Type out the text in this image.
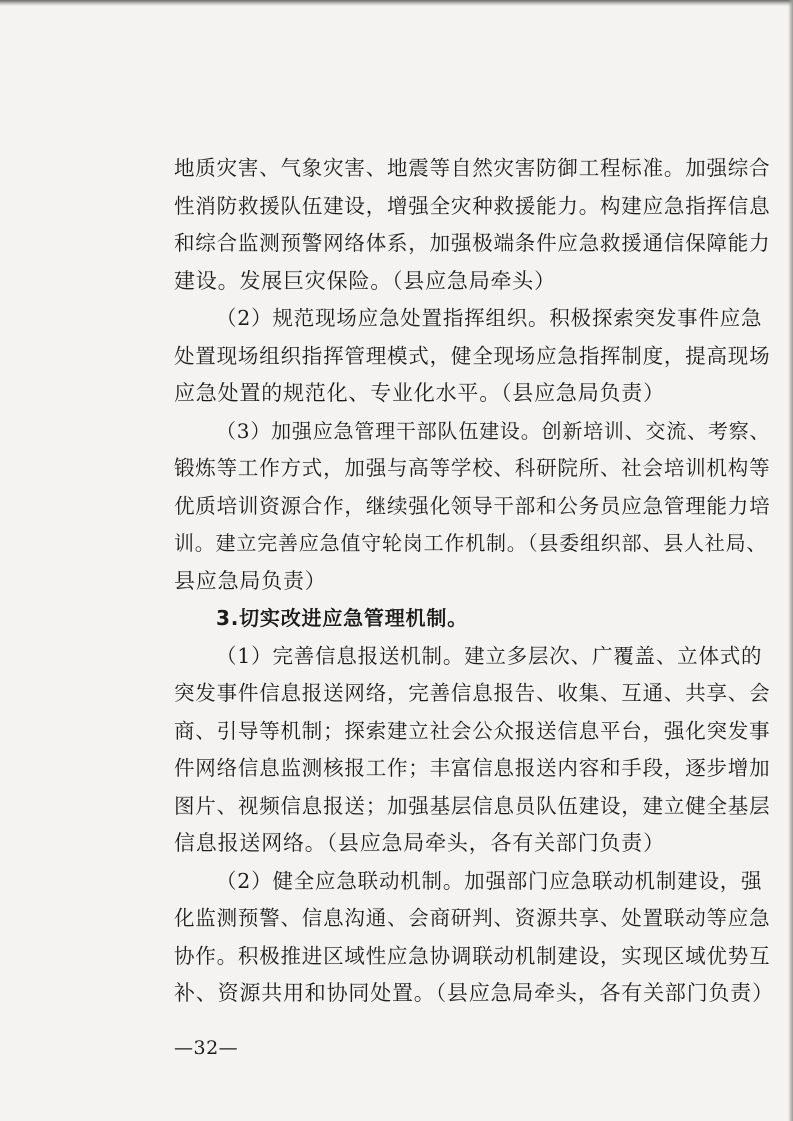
地质灾害、气象灾害、地震等自然灾害防御工程标准。加强综合
性消防救援队伍建设，增强全灾种救援能力。构建应急指挥信息
和综合监测预警网络体系，加强极端条件应急救援通信保障能力
建设。发展巨灾保险。（县应急局牵头）
（2）规范现场应急处置指挥组织。积极探索突发事件应急
处置现场组织指挥管理模式，健全现场应急指挥制度，提高现场
应急处置的规范化、专业化水平。（县应急局负责）
（3）加强应急管理干部队伍建设。创新培训、交流、考察、
锻炼等工作方式，加强与高等学校、科研院所、社会培训机构等
优质培训资源合作，继续强化领导干部和公务员应急管理能力培
训。建立完善应急值守轮岗工作机制。（县委组织部、县人社局、
县应急局负责）
3.切实改进应急管理机制。
（1）完善信息报送机制。建立多层次、广覆盖、立体式的
突发事件信息报送网络，完善信息报告、收集、互通、共享、会
商、引导等机制；探索建立社会公众报送信息平台，强化突发事
件网络信息监测核报工作；丰富信息报送内容和手段，逐步增加
图片、视频信息报送；加强基层信息员队伍建设，建立健全基层
信息报送网络。（县应急局牵头，各有关部门负责）
（2）健全应急联动机制。加强部门应急联动机制建设，强
化监测预警、信息沟通、会商研判、资源共享、处置联动等应急
协作。积极推进区域性应急协调联动机制建设，实现区域优势互
补、资源共用和协同处置。（县应急局牵头，各有关部门负责）
—32—
